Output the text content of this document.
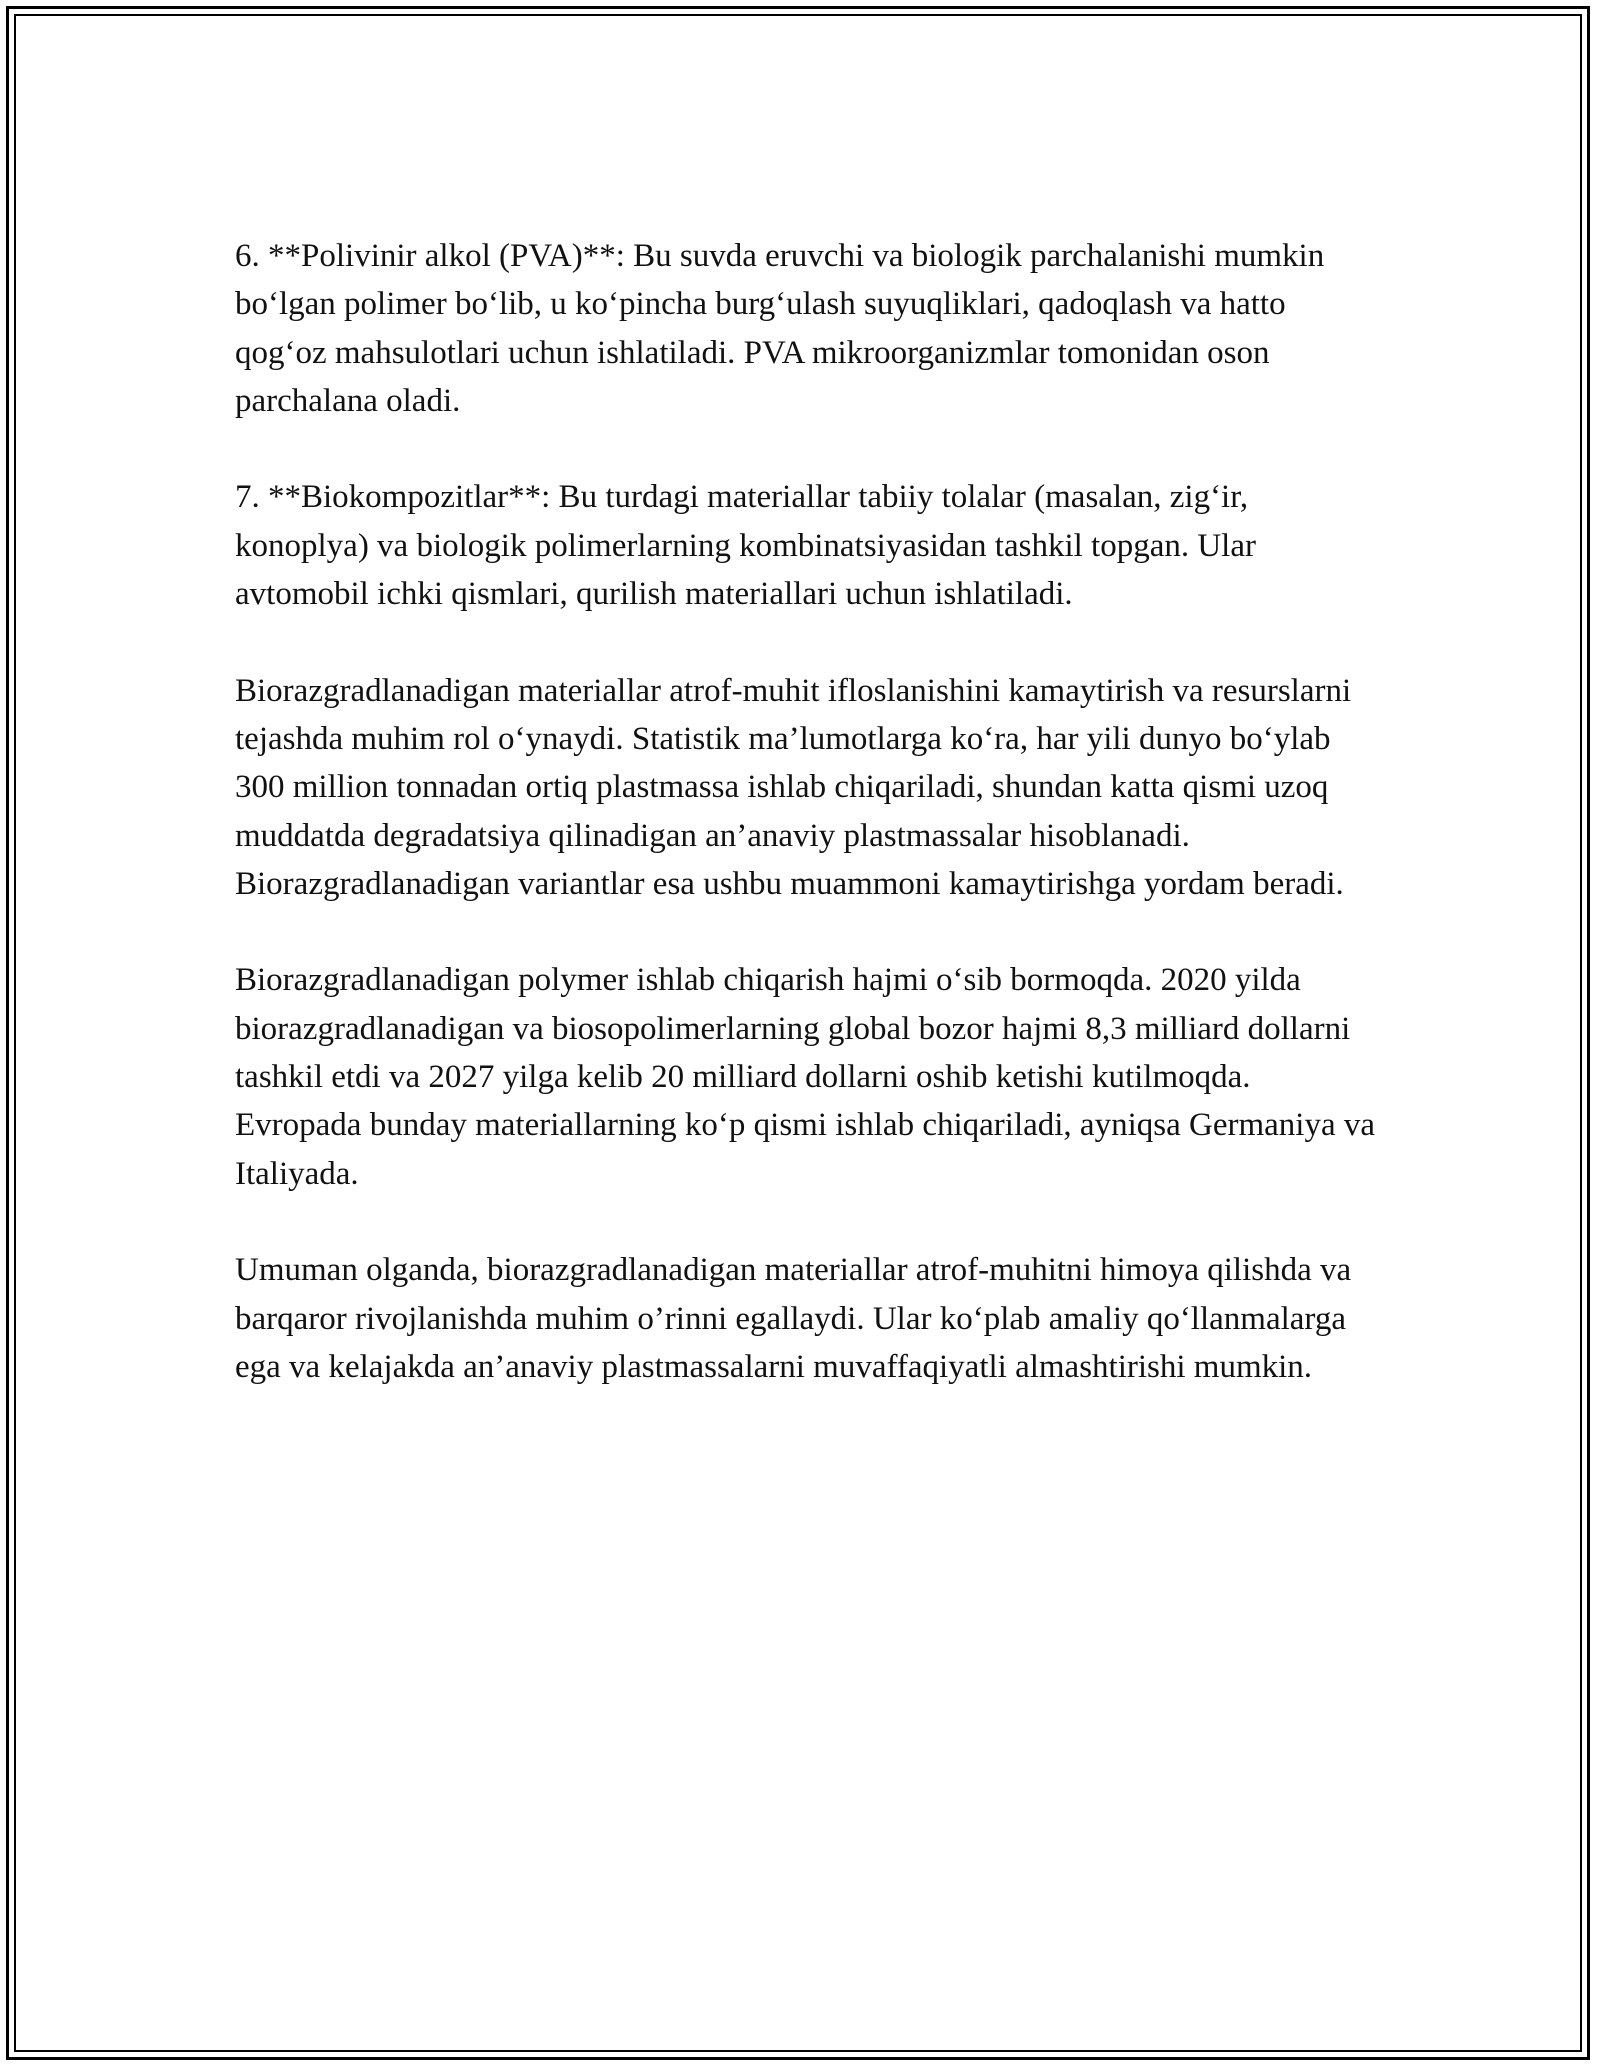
6. **Polivinir alkol (PVA)**: Bu suvda eruvchi va biologik parchalanishi mumkin bo‘lgan polimer bo‘lib, u ko‘pincha burg‘ulash suyuqliklari, qadoqlash va hatto qog‘oz mahsulotlari uchun ishlatiladi. PVA mikroorganizmlar tomonidan oson parchalana oladi.

7. **Biokompozitlar**: Bu turdagi materiallar tabiiy tolalar (masalan, zig‘ir, konoplya) va biologik polimerlarning kombinatsiyasidan tashkil topgan. Ular avtomobil ichki qismlari, qurilish materiallari uchun ishlatiladi.

Biorazgradlanadigan materiallar atrof-muhit ifloslanishini kamaytirish va resurslarni tejashda muhim rol o‘ynaydi. Statistik ma’lumotlarga ko‘ra, har yili dunyo bo‘ylab 300 million tonnadan ortiq plastmassa ishlab chiqariladi, shundan katta qismi uzoq muddatda degradatsiya qilinadigan an’anaviy plastmassalar hisoblanadi. Biorazgradlanadigan variantlar esa ushbu muammoni kamaytirishga yordam beradi.

Biorazgradlanadigan polymer ishlab chiqarish hajmi o‘sib bormoqda. 2020 yilda biorazgradlanadigan va biosopolimerlarning global bozor hajmi 8,3 milliard dollarni tashkil etdi va 2027 yilga kelib 20 milliard dollarni oshib ketishi kutilmoqda. Evropada bunday materiallarning ko‘p qismi ishlab chiqariladi, ayniqsa Germaniya va Italiyada.

Umuman olganda, biorazgradlanadigan materiallar atrof-muhitni himoya qilishda va barqaror rivojlanishda muhim o’rinni egallaydi. Ular ko‘plab amaliy qo‘llanmalarga ega va kelajakda an’anaviy plastmassalarni muvaffaqiyatli almashtirishi mumkin.
